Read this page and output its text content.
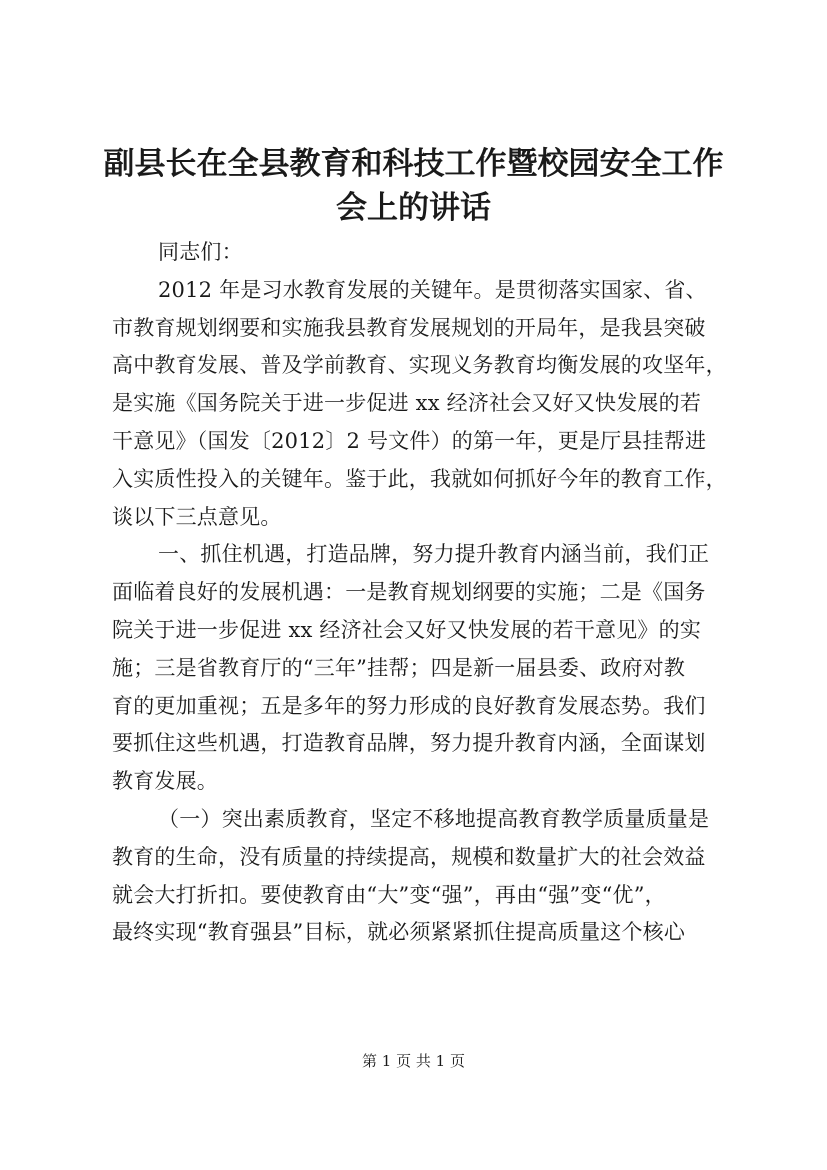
副县长在全县教育和科技工作暨校园安全工作
会上的讲话
同志们：
2012 年是习水教育发展的关键年。是贯彻落实国家、省、
市教育规划纲要和实施我县教育发展规划的开局年，是我县突破
高中教育发展、普及学前教育、实现义务教育均衡发展的攻坚年，
是实施《国务院关于进一步促进 xx 经济社会又好又快发展的若
干意见》（国发〔2012〕2 号文件）的第一年，更是厅县挂帮进
入实质性投入的关键年。鉴于此，我就如何抓好今年的教育工作，
谈以下三点意见。
一、抓住机遇，打造品牌，努力提升教育内涵当前，我们正
面临着良好的发展机遇：一是教育规划纲要的实施；二是《国务
院关于进一步促进 xx 经济社会又好又快发展的若干意见》的实
施；三是省教育厅的“三年”挂帮；四是新一届县委、政府对教
育的更加重视；五是多年的努力形成的良好教育发展态势。我们
要抓住这些机遇，打造教育品牌，努力提升教育内涵，全面谋划
教育发展。
（一）突出素质教育，坚定不移地提高教育教学质量质量是
教育的生命，没有质量的持续提高，规模和数量扩大的社会效益
就会大打折扣。要使教育由“大”变“强”，再由“强”变“优”，
最终实现“教育强县”目标，就必须紧紧抓住提高质量这个核心
第 1 页 共 1 页
